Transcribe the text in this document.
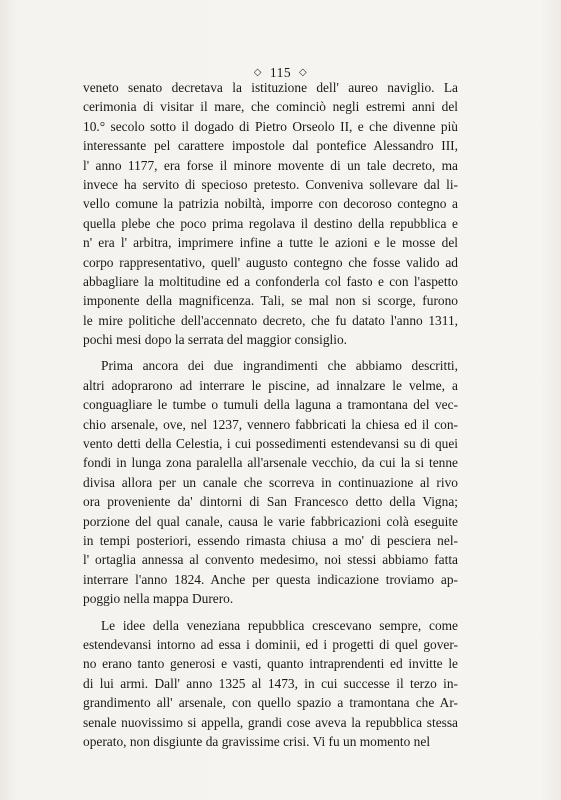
◇ 115 ◇
veneto senato decretava la istituzione dell' aureo naviglio. La
cerimonia di visitar il mare, che cominciò negli estremi anni del
10.° secolo sotto il dogado di Pietro Orseolo II, e che divenne più
interessante pel carattere impostole dal pontefice Alessandro III,
l' anno 1177, era forse il minore movente di un tale decreto, ma
invece ha servito di specioso pretesto. Conveniva sollevare dal li-
vello comune la patrizia nobiltà, imporre con decoroso contegno a
quella plebe che poco prima regolava il destino della repubblica e
n' era l' arbitra, imprimere infine a tutte le azioni e le mosse del
corpo rappresentativo, quell' augusto contegno che fosse valido ad
abbagliare la moltitudine ed a confonderla col fasto e con l'aspetto
imponente della magnificenza. Tali, se mal non si scorge, furono
le mire politiche dell'accennato decreto, che fu datato l'anno 1311,
pochi mesi dopo la serrata del maggior consiglio.
Prima ancora dei due ingrandimenti che abbiamo descritti,
altri adoprarono ad interrare le piscine, ad innalzare le velme, a
conguagliare le tumbe o tumuli della laguna a tramontana del vec-
chio arsenale, ove, nel 1237, vennero fabbricati la chiesa ed il con-
vento detti della Celestia, i cui possedimenti estendevansi su di quei
fondi in lunga zona paralella all'arsenale vecchio, da cui la si tenne
divisa allora per un canale che scorreva in continuazione al rivo
ora proveniente da' dintorni di San Francesco detto della Vigna;
porzione del qual canale, causa le varie fabbricazioni colà eseguite
in tempi posteriori, essendo rimasta chiusa a mo' di pesciera nel-
l' ortaglia annessa al convento medesimo, noi stessi abbiamo fatta
interrare l'anno 1824. Anche per questa indicazione troviamo ap-
poggio nella mappa Durero.
Le idee della veneziana repubblica crescevano sempre, come
estendevansi intorno ad essa i dominii, ed i progetti di quel gover-
no erano tanto generosi e vasti, quanto intraprendenti ed invitte le
di lui armi. Dall' anno 1325 al 1473, in cui successe il terzo in-
grandimento all' arsenale, con quello spazio a tramontana che Ar-
senale nuovissimo si appella, grandi cose aveva la repubblica stessa
operato, non disgiunte da gravissime crisi. Vi fu un momento nel
